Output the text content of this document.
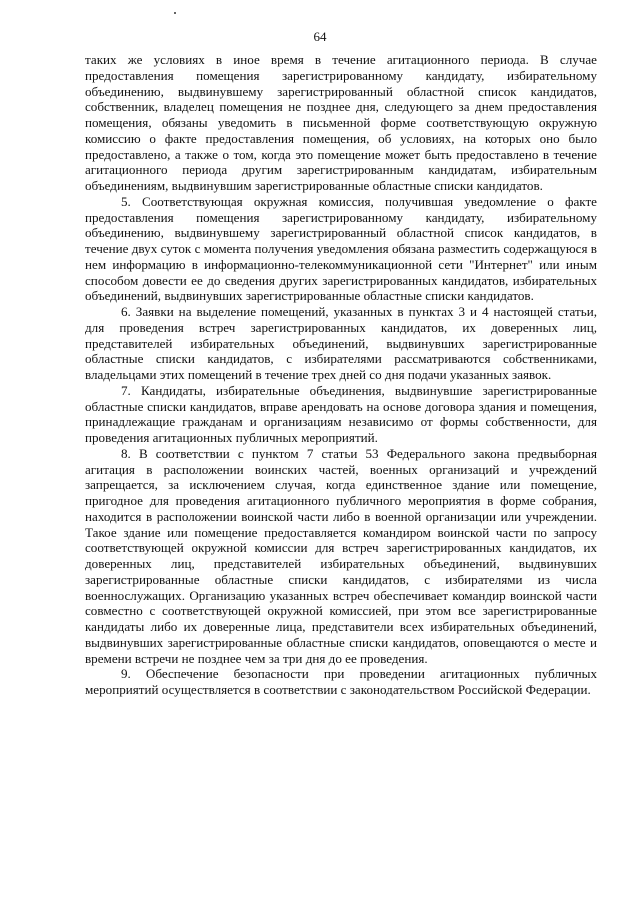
64

таких же условиях в иное время в течение агитационного периода. В случае предоставления помещения зарегистрированному кандидату, избирательному объединению, выдвинувшему зарегистрированный областной список кандидатов, собственник, владелец помещения не позднее дня, следующего за днем предоставления помещения, обязаны уведомить в письменной форме соответствующую окружную комиссию о факте предоставления помещения, об условиях, на которых оно было предоставлено, а также о том, когда это помещение может быть предоставлено в течение агитационного периода другим зарегистрированным кандидатам, избирательным объединениям, выдвинувшим зарегистрированные областные списки кандидатов.

5. Соответствующая окружная комиссия, получившая уведомление о факте предоставления помещения зарегистрированному кандидату, избирательному объединению, выдвинувшему зарегистрированный областной список кандидатов, в течение двух суток с момента получения уведомления обязана разместить содержащуюся в нем информацию в информационно-телекоммуникационной сети "Интернет" или иным способом довести ее до сведения других зарегистрированных кандидатов, избирательных объединений, выдвинувших зарегистрированные областные списки кандидатов.

6. Заявки на выделение помещений, указанных в пунктах 3 и 4 настоящей статьи, для проведения встреч зарегистрированных кандидатов, их доверенных лиц, представителей избирательных объединений, выдвинувших зарегистрированные областные списки кандидатов, с избирателями рассматриваются собственниками, владельцами этих помещений в течение трех дней со дня подачи указанных заявок.

7. Кандидаты, избирательные объединения, выдвинувшие зарегистрированные областные списки кандидатов, вправе арендовать на основе договора здания и помещения, принадлежащие гражданам и организациям независимо от формы собственности, для проведения агитационных публичных мероприятий.

8. В соответствии с пунктом 7 статьи 53 Федерального закона предвыборная агитация в расположении воинских частей, военных организаций и учреждений запрещается, за исключением случая, когда единственное здание или помещение, пригодное для проведения агитационного публичного мероприятия в форме собрания, находится в расположении воинской части либо в военной организации или учреждении. Такое здание или помещение предоставляется командиром воинской части по запросу соответствующей окружной комиссии для встреч зарегистрированных кандидатов, их доверенных лиц, представителей избирательных объединений, выдвинувших зарегистрированные областные списки кандидатов, с избирателями из числа военнослужащих. Организацию указанных встреч обеспечивает командир воинской части совместно с соответствующей окружной комиссией, при этом все зарегистрированные кандидаты либо их доверенные лица, представители всех избирательных объединений, выдвинувших зарегистрированные областные списки кандидатов, оповещаются о месте и времени встречи не позднее чем за три дня до ее проведения.

9. Обеспечение безопасности при проведении агитационных публичных мероприятий осуществляется в соответствии с законодательством Российской Федерации.
